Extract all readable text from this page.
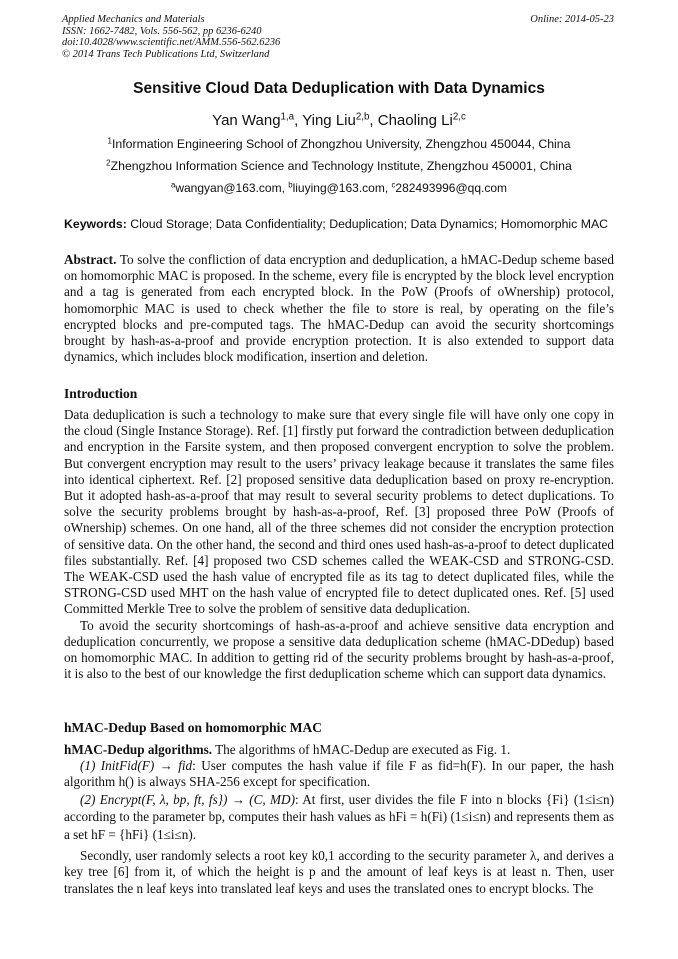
Applied Mechanics and Materials
ISSN: 1662-7482, Vols. 556-562, pp 6236-6240
doi:10.4028/www.scientific.net/AMM.556-562.6236
© 2014 Trans Tech Publications Ltd, Switzerland
Online: 2014-05-23
Sensitive Cloud Data Deduplication with Data Dynamics
Yan Wang$^{1,a}$, Ying Liu$^{2,b}$, Chaoling Li$^{2,c}$
$^1$Information Engineering School of Zhongzhou University, Zhengzhou 450044, China
$^2$Zhengzhou Information Science and Technology Institute, Zhengzhou 450001, China
$^a$wangyan@163.com, $^b$liuying@163.com, $^c$282493996@qq.com
Keywords: Cloud Storage; Data Confidentiality; Deduplication; Data Dynamics; Homomorphic MAC

Abstract. To solve the confliction of data encryption and deduplication, a hMAC-Dedup scheme based on homomorphic MAC is proposed. In the scheme, every file is encrypted by the block level encryption and a tag is generated from each encrypted block. In the PoW (Proofs of oWnership) protocol, homomorphic MAC is used to check whether the file to store is real, by operating on the file’s encrypted blocks and pre-computed tags. The hMAC-Dedup can avoid the security shortcomings brought by hash-as-a-proof and provide encryption protection. It is also extended to support data dynamics, which includes block modification, insertion and deletion.

Introduction

Data deduplication is such a technology to make sure that every single file will have only one copy in the cloud (Single Instance Storage). Ref. [1] firstly put forward the contradiction between deduplication and encryption in the Farsite system, and then proposed convergent encryption to solve the problem. But convergent encryption may result to the users’ privacy leakage because it translates the same files into identical ciphertext. Ref. [2] proposed sensitive data deduplication based on proxy re-encryption. But it adopted hash-as-a-proof that may result to several security problems to detect duplications. To solve the security problems brought by hash-as-a-proof, Ref. [3] proposed three PoW (Proofs of oWnership) schemes. On one hand, all of the three schemes did not consider the encryption protection of sensitive data. On the other hand, the second and third ones used hash-as-a-proof to detect duplicated files substantially. Ref. [4] proposed two CSD schemes called the WEAK-CSD and STRONG-CSD. The WEAK-CSD used the hash value of encrypted file as its tag to detect duplicated files, while the STRONG-CSD used MHT on the hash value of encrypted file to detect duplicated ones. Ref. [5] used Committed Merkle Tree to solve the problem of sensitive data deduplication.

To avoid the security shortcomings of hash-as-a-proof and achieve sensitive data encryption and deduplication concurrently, we propose a sensitive data deduplication scheme (hMAC-DDedup) based on homomorphic MAC. In addition to getting rid of the security problems brought by hash-as-a-proof, it is also to the best of our knowledge the first deduplication scheme which can support data dynamics.

hMAC-Dedup Based on homomorphic MAC

hMAC-Dedup algorithms. The algorithms of hMAC-Dedup are executed as Fig. 1.

(1) InitFid(F) → fid: User computes the hash value if file F as fid=h(F). In our paper, the hash algorithm h() is always SHA-256 except for specification.

(2) Encrypt(F, λ, bp, ft, fs}) → (C, MD): At first, user divides the file F into n blocks {Fi} (1≤i≤n) according to the parameter bp, computes their hash values as hFi = h(Fi) (1≤i≤n) and represents them as a set hF = {hFi} (1≤i≤n).

Secondly, user randomly selects a root key k0,1 according to the security parameter λ, and derives a key tree [6] from it, of which the height is p and the amount of leaf keys is at least n. Then, user translates the n leaf keys into translated leaf keys and uses the translated ones to encrypt blocks. The
